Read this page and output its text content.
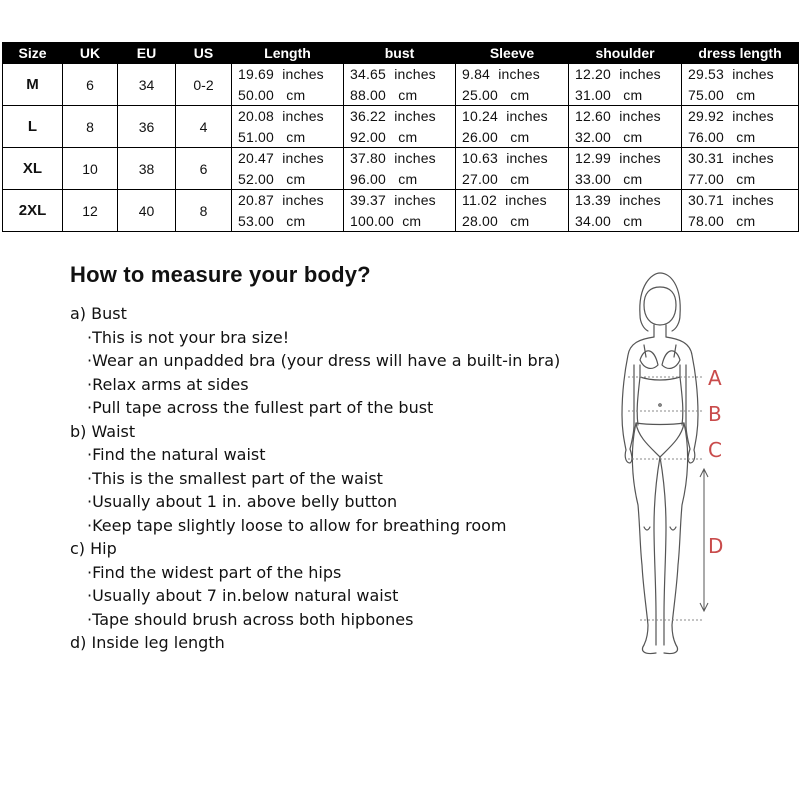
Size	UK	EU	US	Length	bust	Sleeve	shoulder	dress length
M	6	34	0-2	19.69  inches	34.65  inches	9.84  inches	12.20  inches	29.53  inches
				50.00   cm	88.00   cm	25.00   cm	31.00   cm	75.00   cm
L	8	36	4	20.08  inches	36.22  inches	10.24  inches	12.60  inches	29.92  inches
				51.00   cm	92.00   cm	26.00   cm	32.00   cm	76.00   cm
XL	10	38	6	20.47  inches	37.80  inches	10.63  inches	12.99  inches	30.31  inches
				52.00   cm	96.00   cm	27.00   cm	33.00   cm	77.00   cm
2XL	12	40	8	20.87  inches	39.37  inches	11.02  inches	13.39  inches	30.71  inches
				53.00   cm	100.00  cm	28.00   cm	34.00   cm	78.00   cm
How to measure your body?
a) Bust
·This is not your bra size!
·Wear an unpadded bra (your dress will have a built-in bra)
·Relax arms at sides
·Pull tape across the fullest part of the bust
b) Waist
·Find the natural waist
·This is the smallest part of the waist
·Usually about 1 in. above belly button
·Keep tape slightly loose to allow for breathing room
c) Hip
·Find the widest part of the hips
·Usually about 7 in.below natural waist
·Tape should brush across both hipbones
d) Inside leg length
A
B
C
D
